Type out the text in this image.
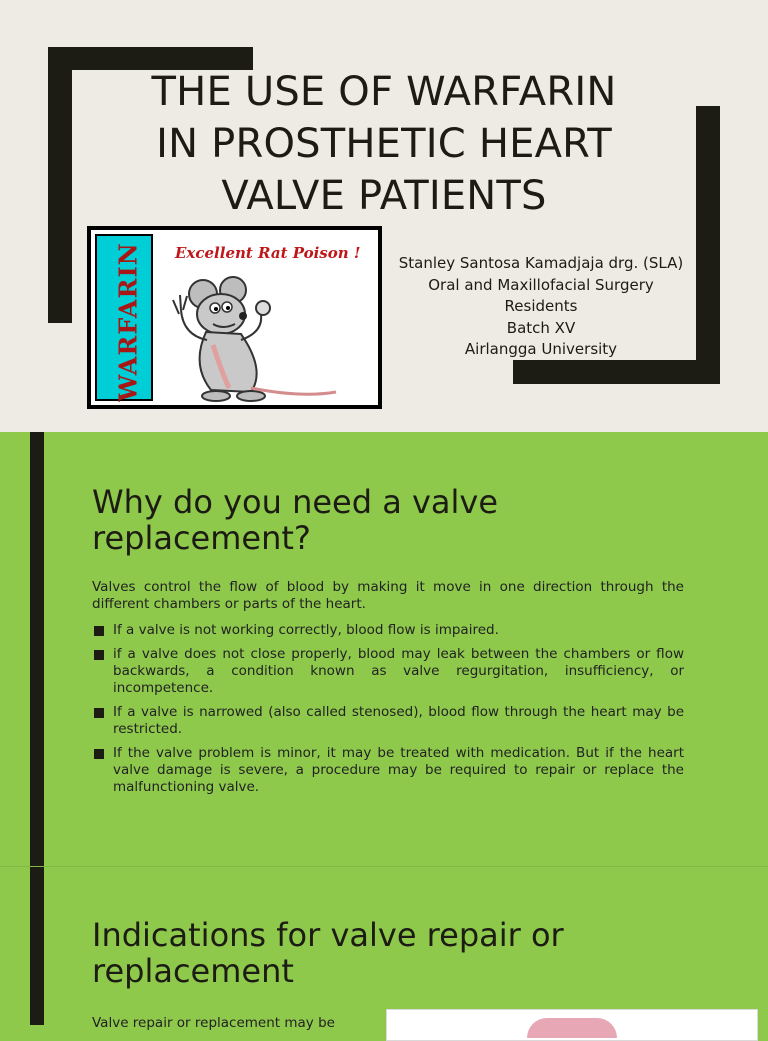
THE USE OF WARFARIN
IN PROSTHETIC HEART
VALVE PATIENTS
WARFARIN Excellent Rat Poison !
Stanley Santosa Kamadjaja drg. (SLA)
Oral and Maxillofacial Surgery
Residents
Batch XV
Airlangga University
Why do you need a valve
replacement?

Valves control the flow of blood by making it move in one direction through the different chambers or parts of the heart.

If a valve is not working correctly, blood flow is impaired.
if a valve does not close properly, blood may leak between the chambers or flow backwards, a condition known as valve regurgitation, insufficiency, or incompetence.
If a valve is narrowed (also called stenosed), blood flow through the heart may be restricted.
If the valve problem is minor, it may be treated with medication. But if the heart valve damage is severe, a procedure may be required to repair or replace the malfunctioning valve.
Indications for valve repair or
replacement
Valve repair or replacement may be
